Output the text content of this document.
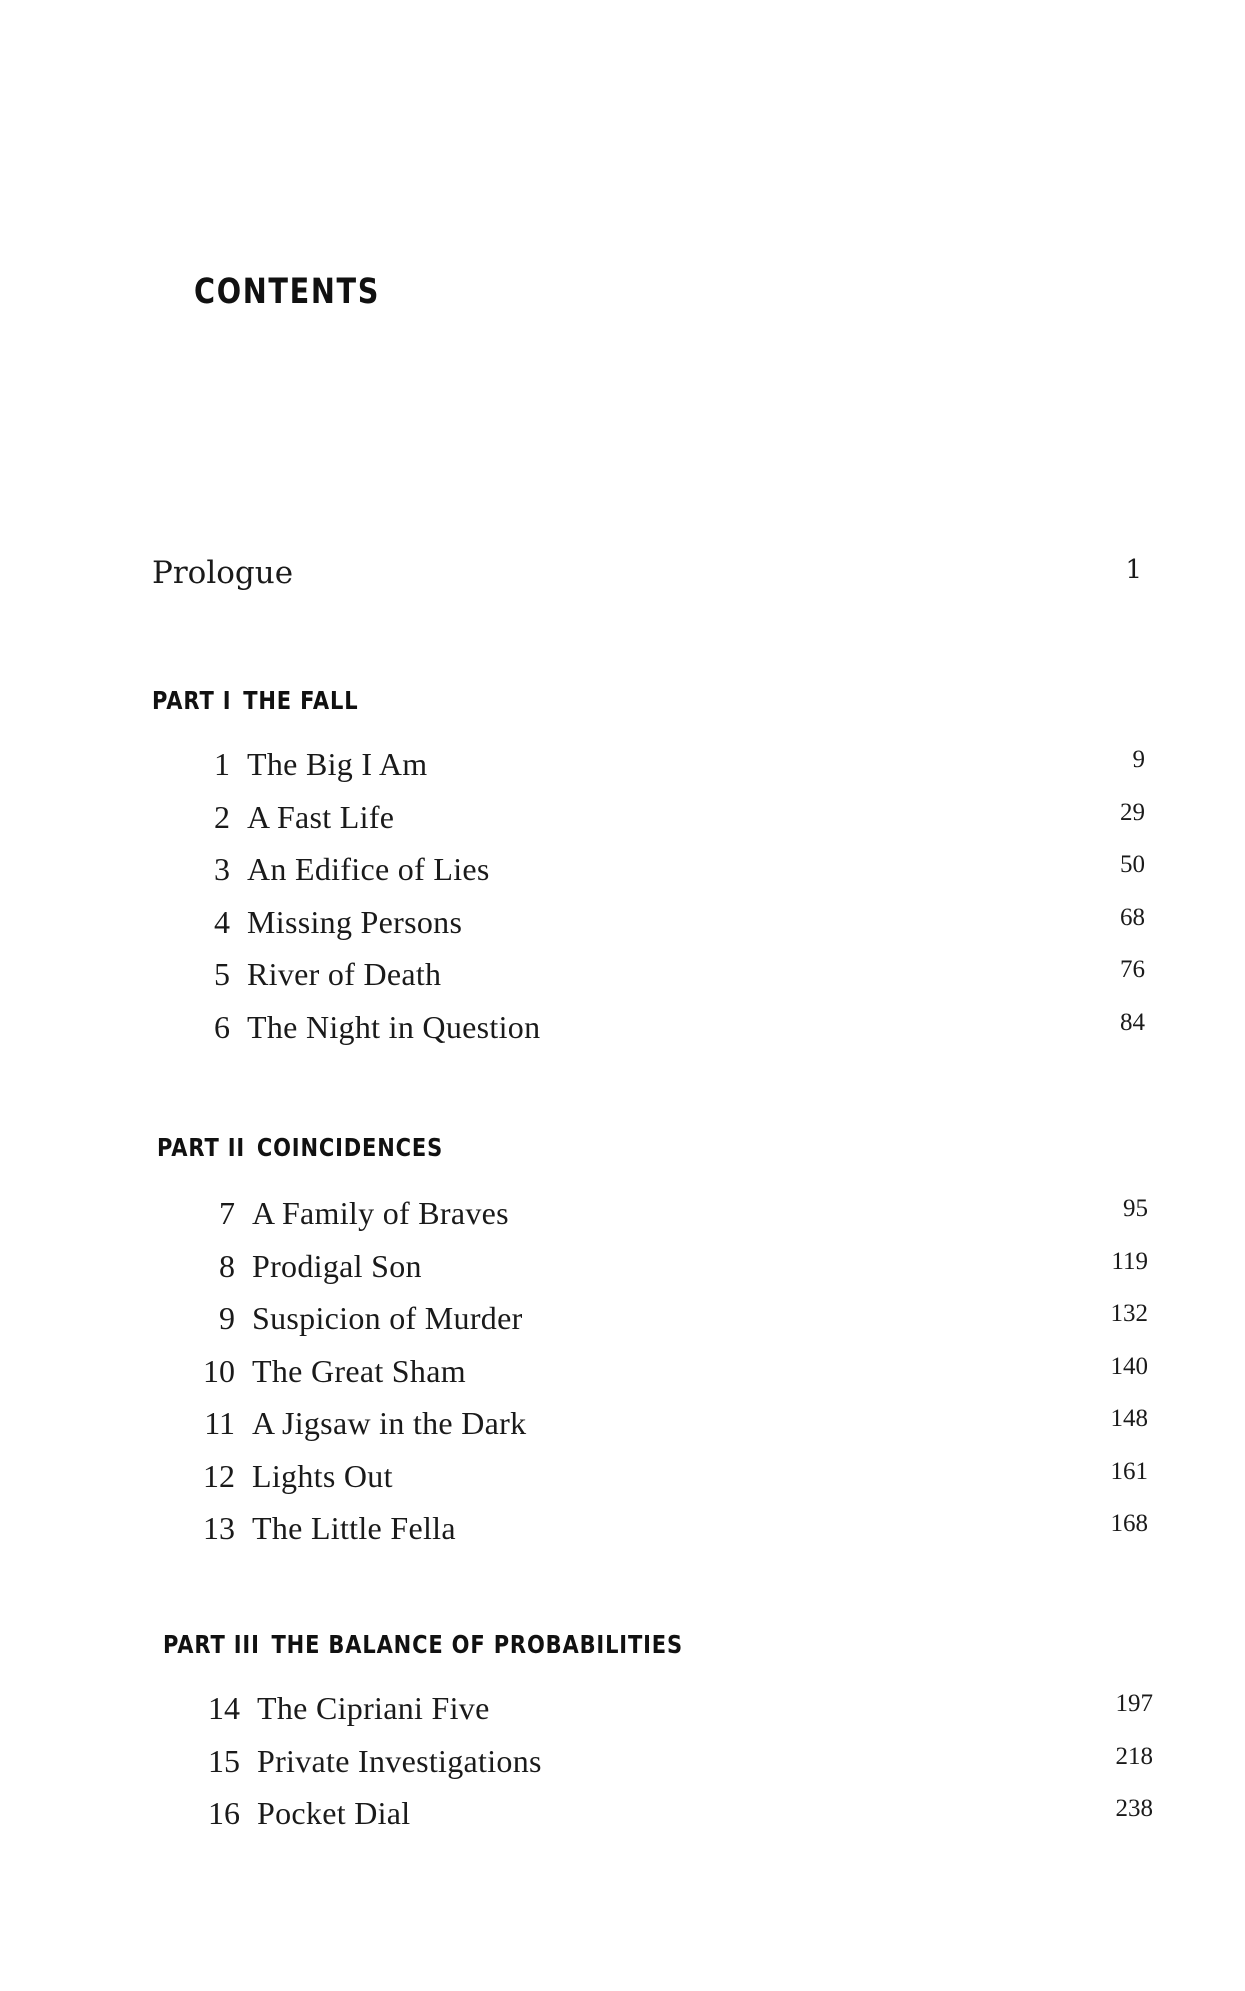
CONTENTS
Prologue	1
PART I THE FALL
1 The Big I Am	9
2 A Fast Life	29
3 An Edifice of Lies	50
4 Missing Persons	68
5 River of Death	76
6 The Night in Question	84
PART II COINCIDENCES
7 A Family of Braves	95
8 Prodigal Son	119
9 Suspicion of Murder	132
10 The Great Sham	140
11 A Jigsaw in the Dark	148
12 Lights Out	161
13 The Little Fella	168
PART III THE BALANCE OF PROBABILITIES
14 The Cipriani Five	197
15 Private Investigations	218
16 Pocket Dial	238
